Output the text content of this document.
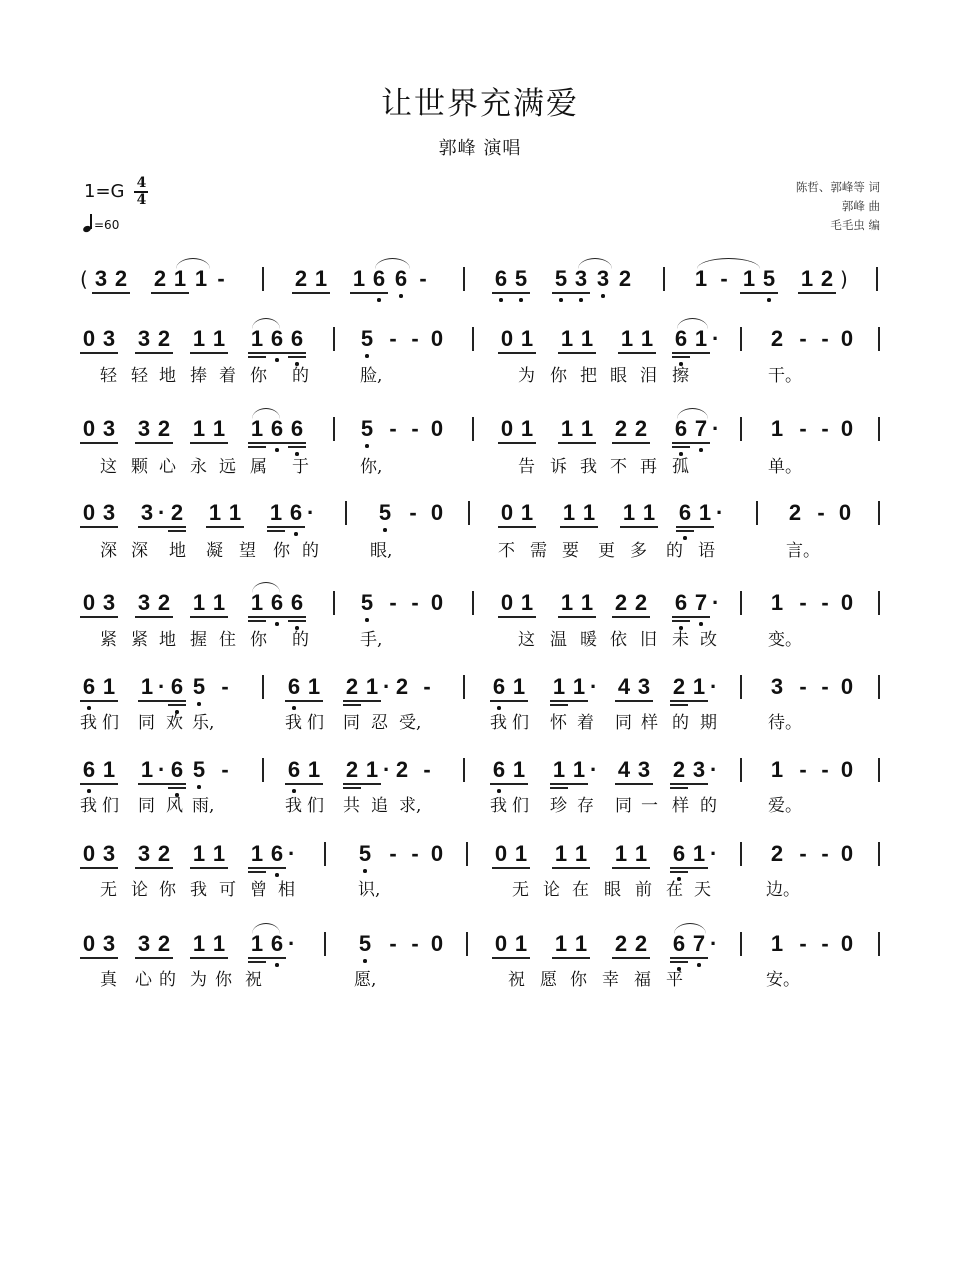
让世界充满爱
郭峰 演唱
1=G 4
4
=60
陈哲、郭峰等 词
郭峰 曲
毛毛虫 编
( 3 2 2 1 1 -	2 1 1 6 6 -	6 5 5 3 3 2	1 - 1 5 1 2 )
0 3 3 2 1 1 1 6 6	5 - - 0	0 1 1 1 1 1 6 1 · 2 - - 0
0 3 3 2 1 1 1 6 6	5 - - 0	0 1 1 1 2 2 6 7 · 1 - - 0
0 3 3 · 2 1 1 1 6 ·	5 - 0	0 1 1 1 1 1 6 1 ·	2 - 0
0 3 3 2 1 1 1 6 6	5 - - 0	0 1 1 1 2 2 6 7 · 1 - - 0
6 1 1 · 6 5 -	6 1 2 1 · 2 -	6 1 1 1 · 4 3 2 1 · 3 - - 0
6 1 1 · 6 5 -	6 1 2 1 · 2 -	6 1 1 1 · 4 3 2 3 · 1 - - 0
0 3 3 2 1 1 1 6 ·	5 - - 0 0 1 1 1 1 1 6 1 · 2 - - 0
0 3 3 2 1 1 1 6 ·	5 - - 0 0 1 1 1 2 2 6 7 · 1 - - 0
轻 轻 地 捧 着 你 的	脸,	为 你 把 眼 泪 擦	干。
这 颗 心 永 远 属 于	你,	告 诉 我 不 再 孤	单。
深 深 地 凝 望 你 的	眼,	不 需 要 更 多 的 语	言。
紧 紧 地 握 住 你 的	手,	这 温 暖 依 旧 未 改	变。
我 们 同 欢 乐,	我 们 同 忍 受,	我 们 怀 着 同 样 的 期	待。
我 们 同 风 雨,	我 们 共 追 求,	我 们 珍 存 同 一 样 的	爱。
无 论 你 我 可 曾 相	识,	无 论 在 眼 前 在 天	边。
真 心 的 为 你 祝	愿,	祝 愿 你 幸 福 平	安。
